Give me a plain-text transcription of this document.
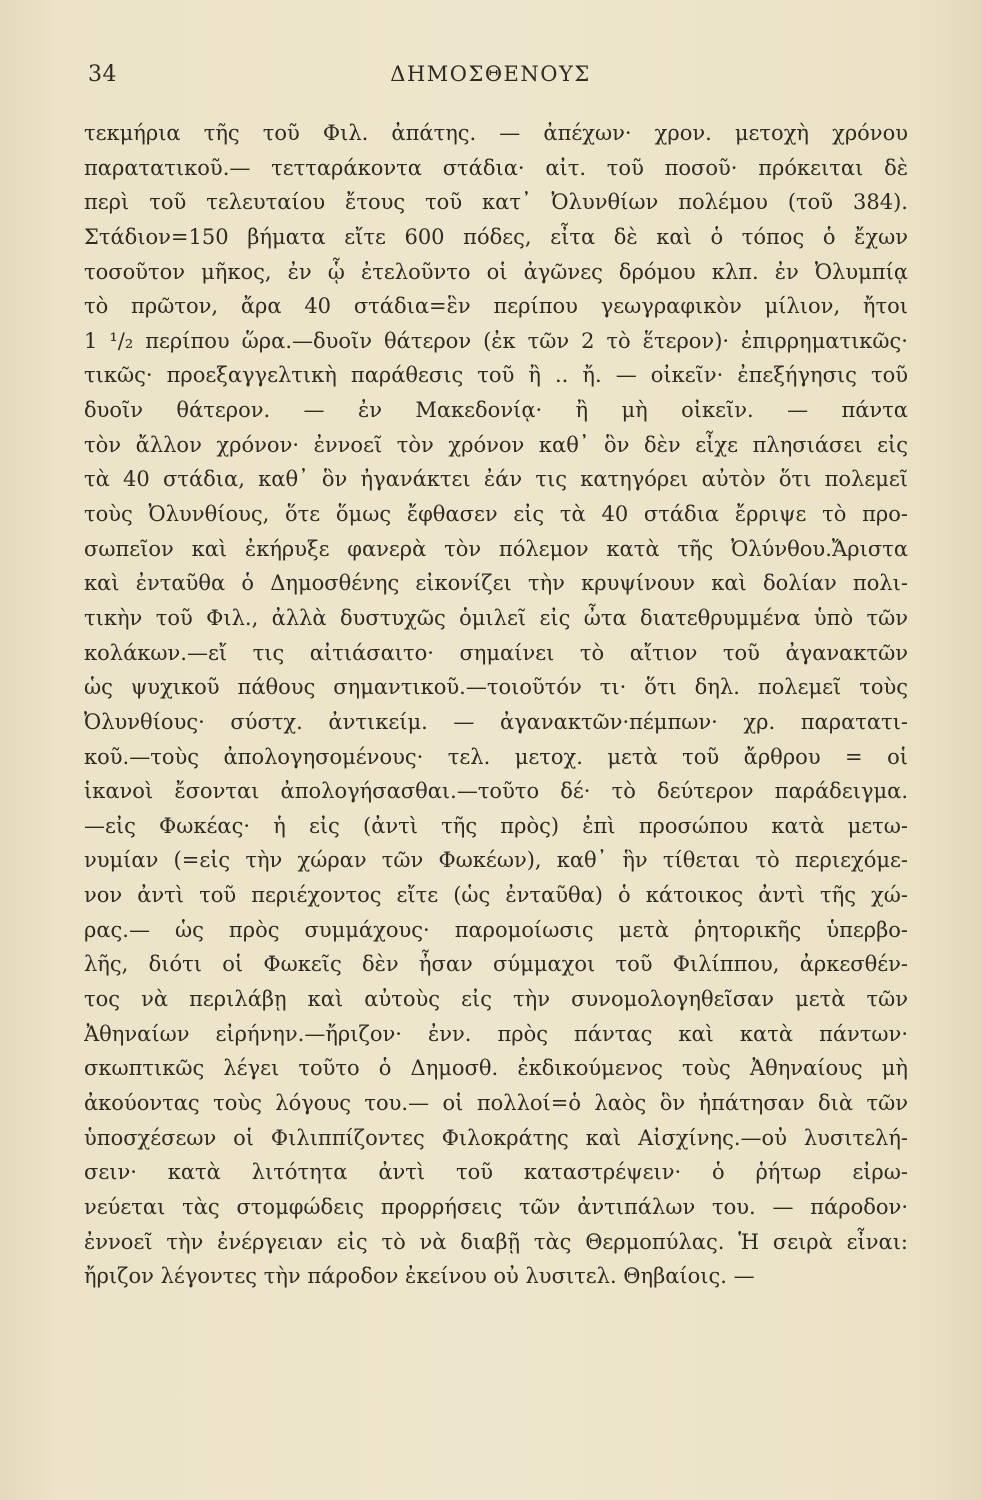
34	ΔΗΜΟΣΘΕΝΟΥΣ
τεκμήρια τῆς τοῦ Φιλ. ἀπάτης. — ἀπέχων· χρον. μετοχὴ χρόνου
παρατατικοῦ.— τετταράκοντα στάδια· αἰτ. τοῦ ποσοῦ· πρόκειται δὲ
περὶ τοῦ τελευταίου ἔτους τοῦ κατ᾽ Ὀλυνθίων πολέμου (τοῦ 384).
Στάδιον=150 βήματα εἴτε 600 πόδες, εἶτα δὲ καὶ ὁ τόπος ὁ ἔχων
τοσοῦτον μῆκος, ἐν ᾧ ἐτελοῦντο οἱ ἀγῶνες δρόμου κλπ. ἐν Ὀλυμπίᾳ
τὸ πρῶτον, ἄρα 40 στάδια=ἓν περίπου γεωγραφικὸν μίλιον, ἤτοι
1 ¹/₂ περίπου ὥρα.—δυοῖν θάτερον (ἐκ τῶν 2 τὸ ἕτερον)· ἐπιρρηματικῶς·
τικῶς· προεξαγγελτικὴ παράθεσις τοῦ ἢ .. ἤ. — οἰκεῖν· ἐπεξήγησις τοῦ
δυοῖν θάτερον. — ἐν Μακεδονίᾳ· ἢ μὴ οἰκεῖν. — πάντα
τὸν ἄλλον χρόνον· ἐννοεῖ τὸν χρόνον καθ᾽ ὃν δὲν εἶχε πλησιάσει εἰς
τὰ 40 στάδια, καθ᾽ ὃν ἠγανάκτει ἐάν τις κατηγόρει αὐτὸν ὅτι πολεμεῖ
τοὺς Ὀλυνθίους, ὅτε ὅμως ἔφθασεν εἰς τὰ 40 στάδια ἔρριψε τὸ προ-
σωπεῖον καὶ ἐκήρυξε φανερὰ τὸν πόλεμον κατὰ τῆς Ὀλύνθου.Ἄριστα
καὶ ἐνταῦθα ὁ Δημοσθένης εἰκονίζει τὴν κρυψίνουν καὶ δολίαν πολι-
τικὴν τοῦ Φιλ., ἀλλὰ δυστυχῶς ὁμιλεῖ εἰς ὦτα διατεθρυμμένα ὑπὸ τῶν
κολάκων.—εἴ τις αἰτιάσαιτο· σημαίνει τὸ αἴτιον τοῦ ἀγανακτῶν
ὡς ψυχικοῦ πάθους σημαντικοῦ.—τοιοῦτόν τι· ὅτι δηλ. πολεμεῖ τοὺς
Ὀλυνθίους· σύστχ. ἀντικείμ. — ἀγανακτῶν·πέμπων· χρ. παρατατι-
κοῦ.—τοὺς ἀπολογησομένους· τελ. μετοχ. μετὰ τοῦ ἄρθρου = οἱ
ἱκανοὶ ἔσονται ἀπολογήσασθαι.—τοῦτο δέ· τὸ δεύτερον παράδειγμα.
—εἰς Φωκέας· ἡ εἰς (ἀντὶ τῆς πρὸς) ἐπὶ προσώπου κατὰ μετω-
νυμίαν (=εἰς τὴν χώραν τῶν Φωκέων), καθ᾽ ἣν τίθεται τὸ περιεχόμε-
νον ἀντὶ τοῦ περιέχοντος εἴτε (ὡς ἐνταῦθα) ὁ κάτοικος ἀντὶ τῆς χώ-
ρας.— ὡς πρὸς συμμάχους· παρομοίωσις μετὰ ῥητορικῆς ὑπερβο-
λῆς, διότι οἱ Φωκεῖς δὲν ἦσαν σύμμαχοι τοῦ Φιλίππου, ἀρκεσθέν-
τος νὰ περιλάβῃ καὶ αὐτοὺς εἰς τὴν συνομολογηθεῖσαν μετὰ τῶν
Ἀθηναίων εἰρήνην.—ἤριζον· ἐνν. πρὸς πάντας καὶ κατὰ πάντων·
σκωπτικῶς λέγει τοῦτο ὁ Δημοσθ. ἐκδικούμενος τοὺς Ἀθηναίους μὴ
ἀκούοντας τοὺς λόγους του.— οἱ πολλοί=ὁ λαὸς ὃν ἠπάτησαν διὰ τῶν
ὑποσχέσεων οἱ Φιλιππίζοντες Φιλοκράτης καὶ Αἰσχίνης.—οὐ λυσιτελή-
σειν· κατὰ λιτότητα ἀντὶ τοῦ καταστρέψειν· ὁ ῥήτωρ εἰρω-
νεύεται τὰς στομφώδεις προρρήσεις τῶν ἀντιπάλων του. — πάροδον·
ἐννοεῖ τὴν ἐνέργειαν εἰς τὸ νὰ διαβῇ τὰς Θερμοπύλας. Ἡ σειρὰ εἶναι:
ἤριζον λέγοντες τὴν πάροδον ἐκείνου οὐ λυσιτελ. Θηβαίοις. —
